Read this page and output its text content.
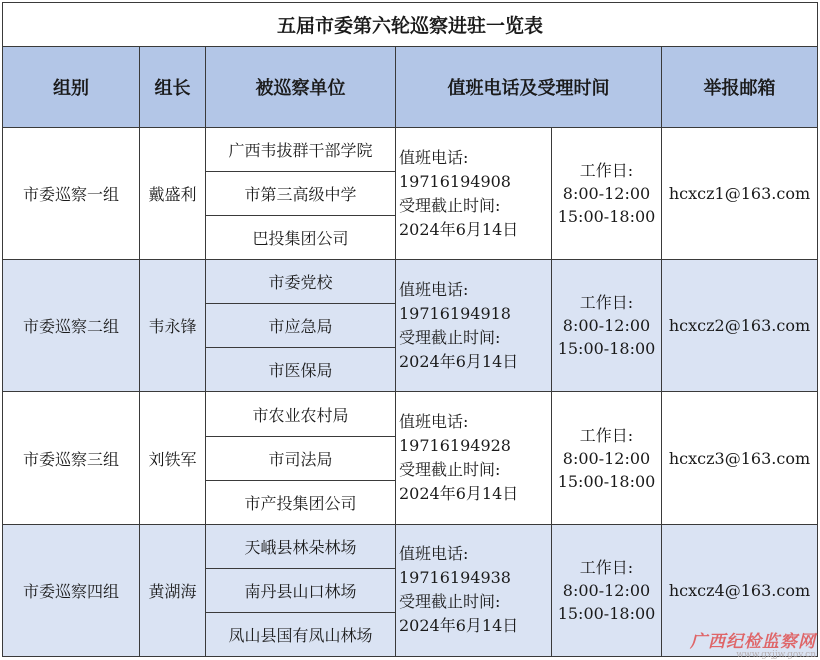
五届市委第六轮巡察进驻一览表					
组别	组长	被巡察单位	值班电话及受理时间		举报邮箱
市委巡察一组	戴盛利	广西韦拔群干部学院	值班电话:
19716194908
受理截止时间:
2024年6月14日	工作日:
8:00-12:00
15:00-18:00	hcxcz1@163.com
		市第三高级中学			
		巴投集团公司			
市委巡察二组	韦永锋	市委党校	值班电话:
19716194918
受理截止时间:
2024年6月14日	工作日:
8:00-12:00
15:00-18:00	hcxcz2@163.com
		市应急局			
		市医保局			
市委巡察三组	刘铁军	市农业农村局	值班电话:
19716194928
受理截止时间:
2024年6月14日	工作日:
8:00-12:00
15:00-18:00	hcxcz3@163.com
		市司法局			
		市产投集团公司			
市委巡察四组	黄湖海	天峨县林朵林场	值班电话:
19716194938
受理截止时间:
2024年6月14日	工作日:
8:00-12:00
15:00-18:00	hcxcz4@163.com
		南丹县山口林场			
		凤山县国有凤山林场				广西纪检监察网
www.gxjjw.gov.cn
